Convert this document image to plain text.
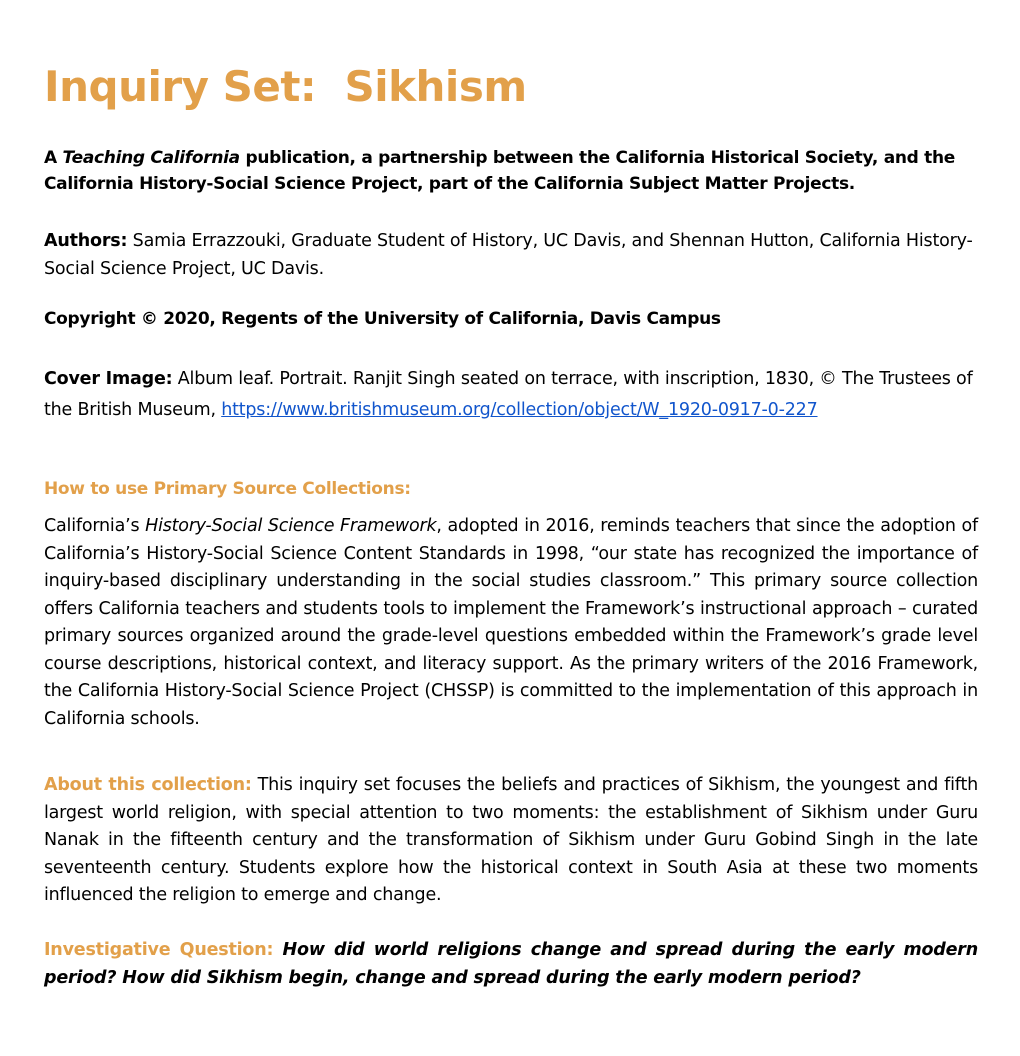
Inquiry Set:  Sikhism
A Teaching California publication, a partnership between the California Historical Society, and the California History-Social Science Project, part of the California Subject Matter Projects.
Authors: Samia Errazzouki, Graduate Student of History, UC Davis, and Shennan Hutton, California History-Social Science Project, UC Davis.
Copyright © 2020, Regents of the University of California, Davis Campus
Cover Image: Album leaf. Portrait. Ranjit Singh seated on terrace, with inscription, 1830, © The Trustees of the British Museum, https://www.britishmuseum.org/collection/object/W_1920-0917-0-227
How to use Primary Source Collections:
California’s History-Social Science Framework, adopted in 2016, reminds teachers that since the adoption of California’s History-Social Science Content Standards in 1998, “our state has recognized the importance of inquiry-based disciplinary understanding in the social studies classroom.” This primary source collection offers California teachers and students tools to implement the Framework’s instructional approach – curated primary sources organized around the grade-level questions embedded within the Framework’s grade level course descriptions, historical context, and literacy support. As the primary writers of the 2016 Framework, the California History-Social Science Project (CHSSP) is committed to the implementation of this approach in California schools.
About this collection: This inquiry set focuses the beliefs and practices of Sikhism, the youngest and fifth largest world religion, with special attention to two moments: the establishment of Sikhism under Guru Nanak in the fifteenth century and the transformation of Sikhism under Guru Gobind Singh in the late seventeenth century. Students explore how the historical context in South Asia at these two moments influenced the religion to emerge and change.
Investigative Question: How did world religions change and spread during the early modern period? How did Sikhism begin, change and spread during the early modern period?
